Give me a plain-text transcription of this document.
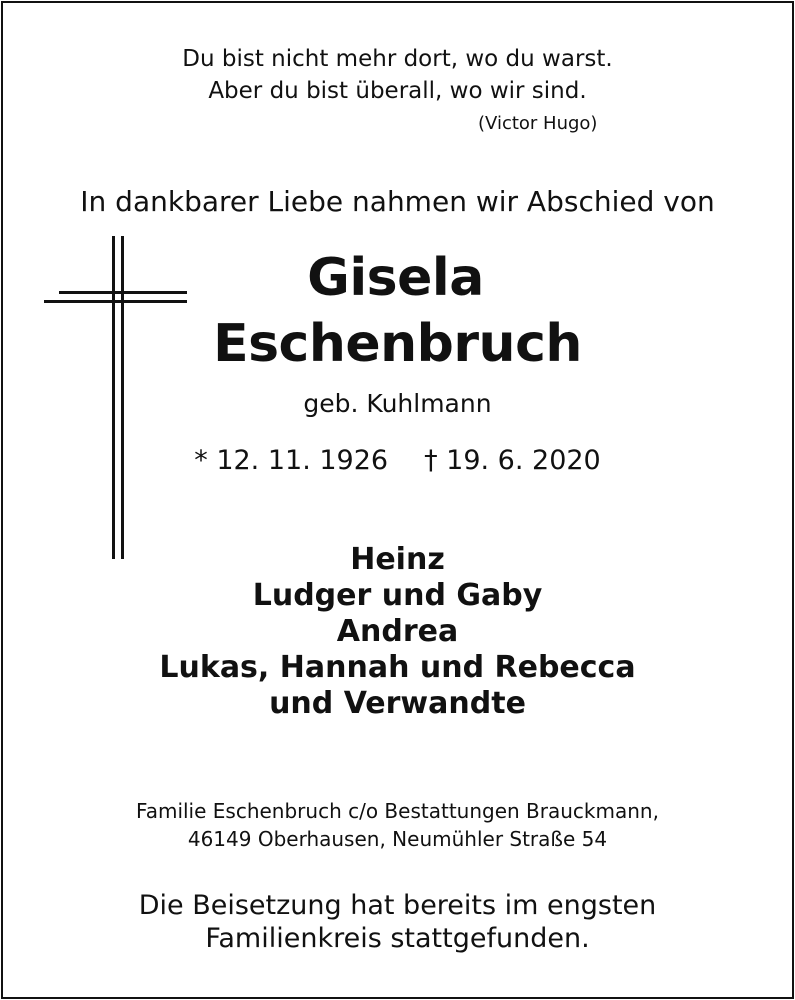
Du bist nicht mehr dort, wo du warst.
Aber du bist überall, wo wir sind.
(Victor Hugo)
In dankbarer Liebe nahmen wir Abschied von
Gisela
Eschenbruch
geb. Kuhlmann
* 12. 11. 1926 † 19. 6. 2020
Heinz
Ludger und Gaby
Andrea
Lukas, Hannah und Rebecca
und Verwandte
Familie Eschenbruch c/o Bestattungen Brauckmann,
46149 Oberhausen, Neumühler Straße 54
Die Beisetzung hat bereits im engsten
Familienkreis stattgefunden.
